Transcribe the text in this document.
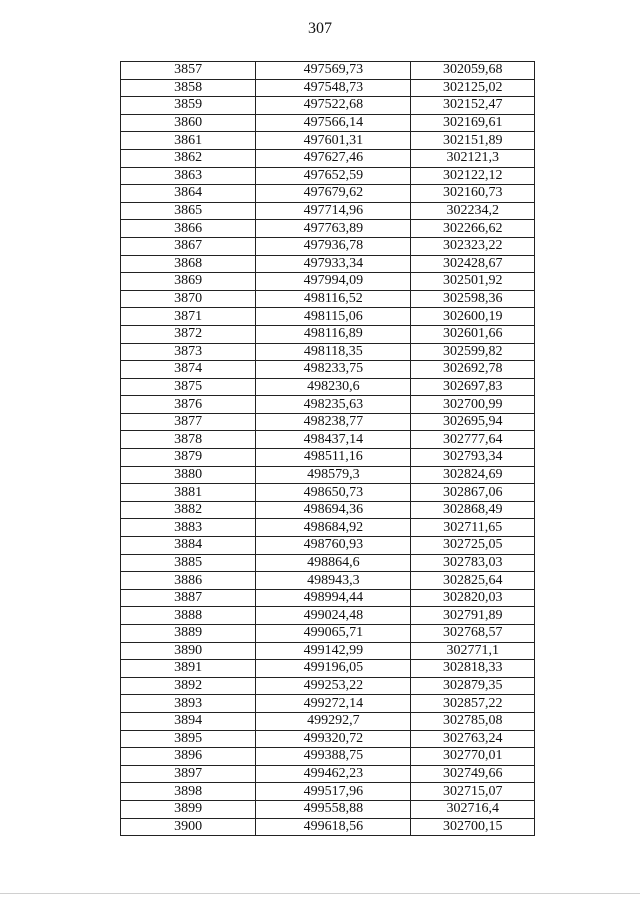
307
3857	497569,73	302059,68
3858	497548,73	302125,02
3859	497522,68	302152,47
3860	497566,14	302169,61
3861	497601,31	302151,89
3862	497627,46	302121,3
3863	497652,59	302122,12
3864	497679,62	302160,73
3865	497714,96	302234,2
3866	497763,89	302266,62
3867	497936,78	302323,22
3868	497933,34	302428,67
3869	497994,09	302501,92
3870	498116,52	302598,36
3871	498115,06	302600,19
3872	498116,89	302601,66
3873	498118,35	302599,82
3874	498233,75	302692,78
3875	498230,6	302697,83
3876	498235,63	302700,99
3877	498238,77	302695,94
3878	498437,14	302777,64
3879	498511,16	302793,34
3880	498579,3	302824,69
3881	498650,73	302867,06
3882	498694,36	302868,49
3883	498684,92	302711,65
3884	498760,93	302725,05
3885	498864,6	302783,03
3886	498943,3	302825,64
3887	498994,44	302820,03
3888	499024,48	302791,89
3889	499065,71	302768,57
3890	499142,99	302771,1
3891	499196,05	302818,33
3892	499253,22	302879,35
3893	499272,14	302857,22
3894	499292,7	302785,08
3895	499320,72	302763,24
3896	499388,75	302770,01
3897	499462,23	302749,66
3898	499517,96	302715,07
3899	499558,88	302716,4
3900	499618,56	302700,15
